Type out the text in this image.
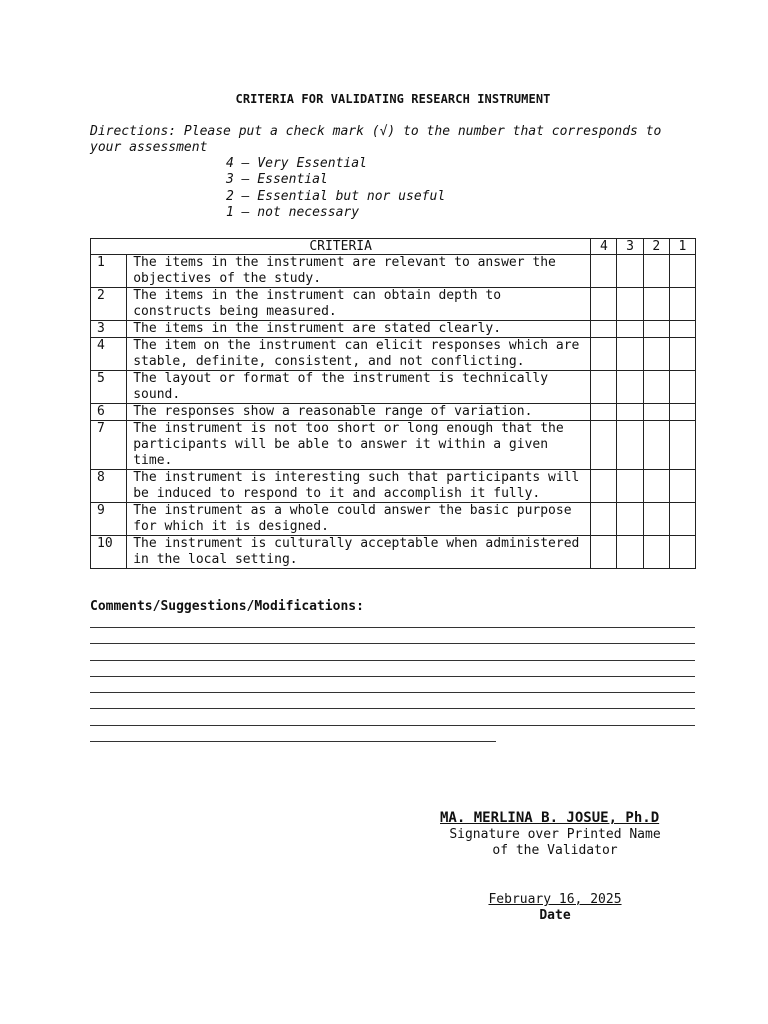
CRITERIA FOR VALIDATING RESEARCH INSTRUMENT
Directions: Please put a check mark (√) to the number that corresponds to your assessment
4 – Very Essential
3 – Essential
2 – Essential but nor useful
1 – not necessary
CRITERIA		4	3	2	1
1	The items in the instrument are relevant to answer the objectives of the study.				
2	The items in the instrument can obtain depth to constructs being measured.				
3	The items in the instrument are stated clearly.				
4	The item on the instrument can elicit responses which are stable, definite, consistent, and not conflicting.				
5	The layout or format of the instrument is technically sound.				
6	The responses show a reasonable range of variation.				
7	The instrument is not too short or long enough that the participants will be able to answer it within a given time.				
8	The instrument is interesting such that participants will be induced to respond to it and accomplish it fully.				
9	The instrument as a whole could answer the basic purpose for which it is designed.				
10	The instrument is culturally acceptable when administered in the local setting.				
Comments/Suggestions/Modifications:
MA. MERLINA B. JOSUE, Ph.D
Signature over Printed Name
of the Validator
February 16, 2025
Date
